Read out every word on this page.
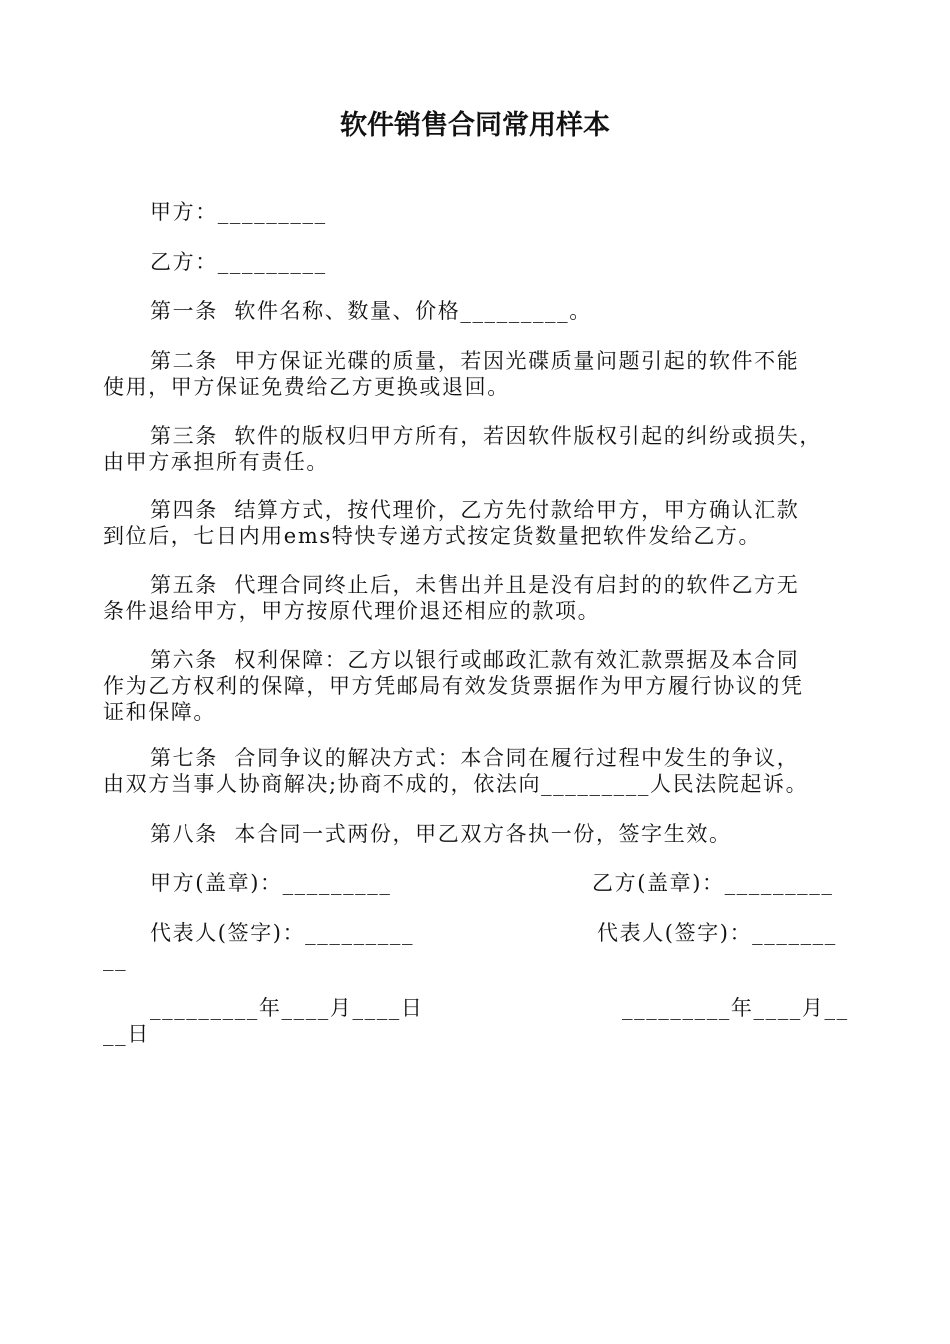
软件销售合同常用样本
甲方：_________
乙方：_________
第一条  软件名称、数量、价格_________。
第二条  甲方保证光碟的质量，若因光碟质量问题引起的软件不能
使用，甲方保证免费给乙方更换或退回。
第三条  软件的版权归甲方所有，若因软件版权引起的纠纷或损失，
由甲方承担所有责任。
第四条  结算方式，按代理价，乙方先付款给甲方，甲方确认汇款
到位后，七日内用ems特快专递方式按定货数量把软件发给乙方。
第五条  代理合同终止后，未售出并且是没有启封的的软件乙方无
条件退给甲方，甲方按原代理价退还相应的款项。
第六条  权利保障：乙方以银行或邮政汇款有效汇款票据及本合同
作为乙方权利的保障，甲方凭邮局有效发货票据作为甲方履行协议的凭
证和保障。
第七条  合同争议的解决方式：本合同在履行过程中发生的争议，
由双方当事人协商解决;协商不成的，依法向_________人民法院起诉。
第八条  本合同一式两份，甲乙双方各执一份，签字生效。
甲方(盖章)：_________	乙方(盖章)：_________
代表人(签字)：_________	代表人(签字)：_______
__
_________年____月____日	_________年____月__
__日
